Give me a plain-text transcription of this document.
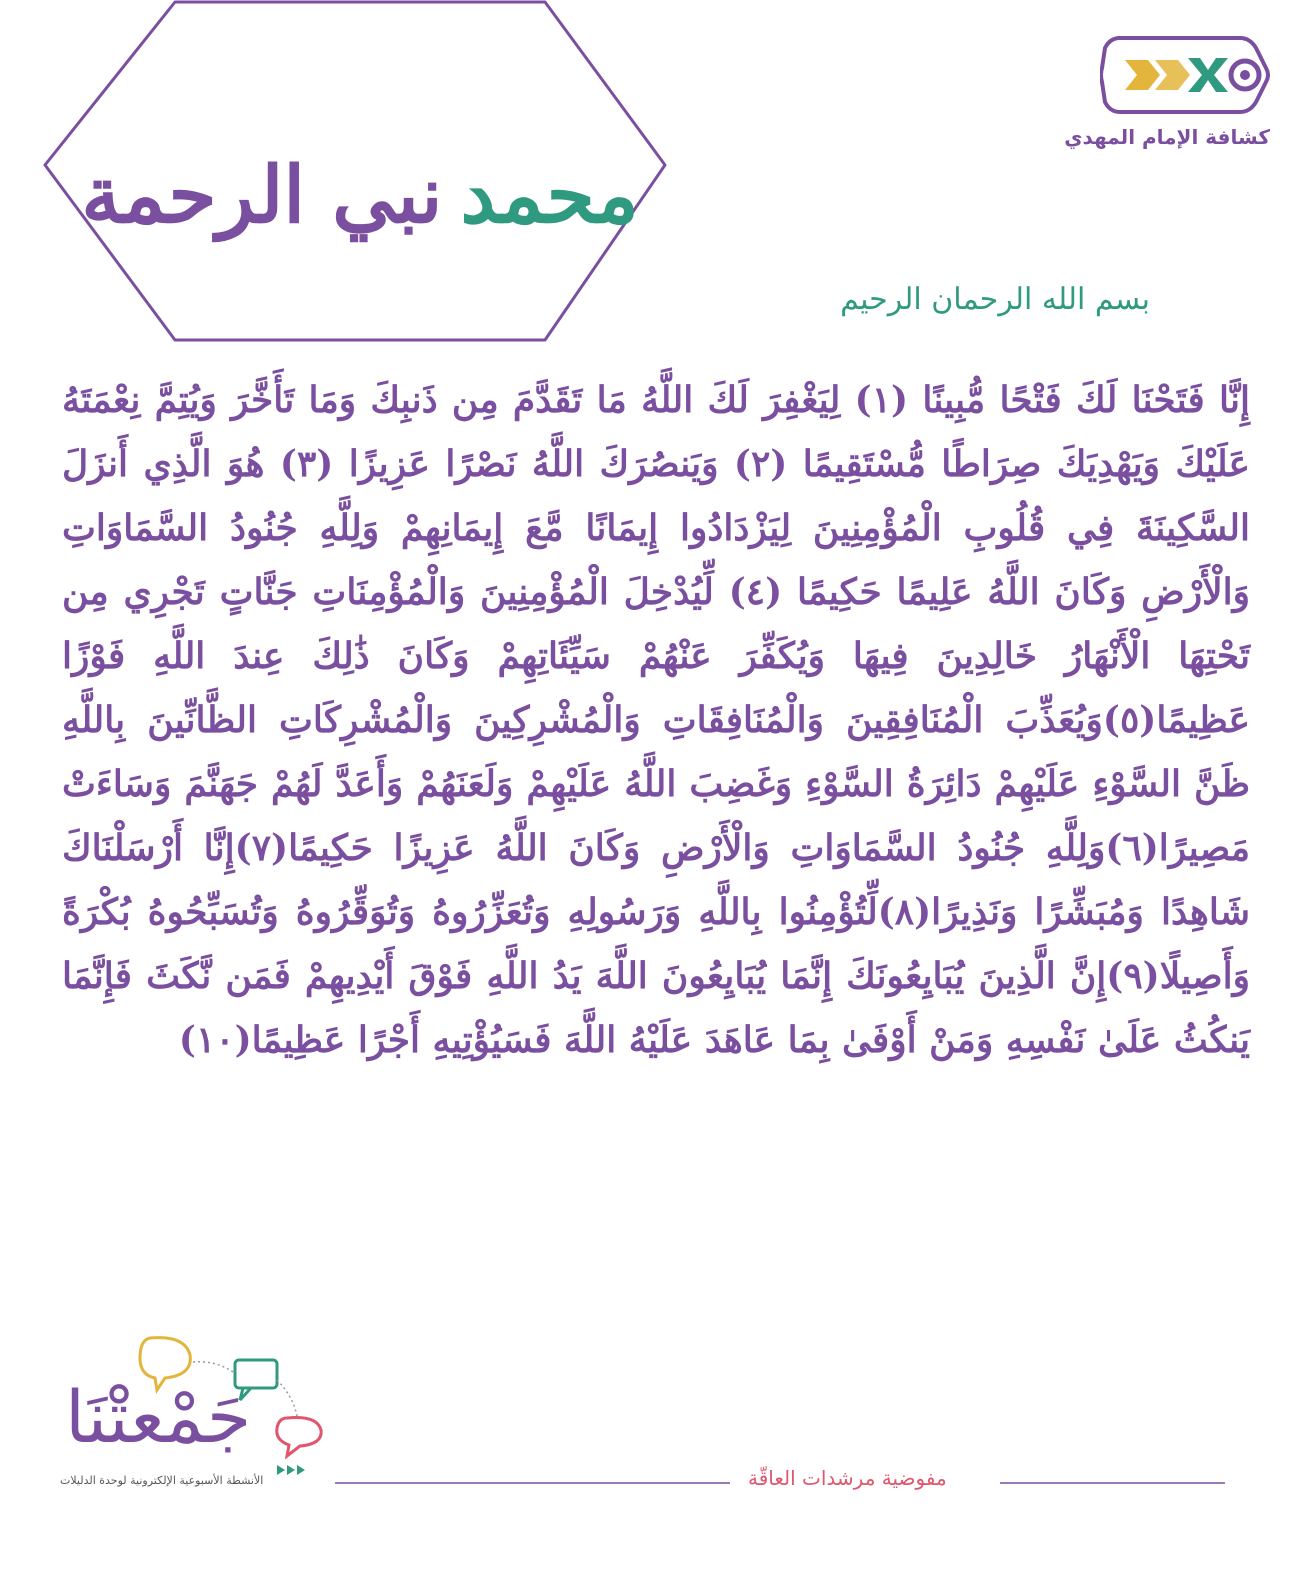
محمد
نبي الرحمة
كشافة الإمام المهدي
بسم الله الرحمان الرحيم
إِنَّا فَتَحْنَا لَكَ فَتْحًا مُّبِينًا (١) لِيَغْفِرَ لَكَ اللَّهُ مَا تَقَدَّمَ مِن ذَنبِكَ وَمَا تَأَخَّرَ وَيُتِمَّ نِعْمَتَهُ عَلَيْكَ وَيَهْدِيَكَ صِرَاطًا مُّسْتَقِيمًا (٢) وَيَنصُرَكَ اللَّهُ نَصْرًا عَزِيزًا (٣) هُوَ الَّذِي أَنزَلَ السَّكِينَةَ فِي قُلُوبِ الْمُؤْمِنِينَ لِيَزْدَادُوا إِيمَانًا مَّعَ إِيمَانِهِمْ وَلِلَّهِ جُنُودُ السَّمَاوَاتِ وَالْأَرْضِ وَكَانَ اللَّهُ عَلِيمًا حَكِيمًا (٤) لِّيُدْخِلَ الْمُؤْمِنِينَ وَالْمُؤْمِنَاتِ جَنَّاتٍ تَجْرِي مِن تَحْتِهَا الْأَنْهَارُ خَالِدِينَ فِيهَا وَيُكَفِّرَ عَنْهُمْ سَيِّئَاتِهِمْ وَكَانَ ذَٰلِكَ عِندَ اللَّهِ فَوْزًا عَظِيمًا(٥)وَيُعَذِّبَ الْمُنَافِقِينَ وَالْمُنَافِقَاتِ وَالْمُشْرِكِينَ وَالْمُشْرِكَاتِ الظَّانِّينَ بِاللَّهِ ظَنَّ السَّوْءِ عَلَيْهِمْ دَائِرَةُ السَّوْءِ وَغَضِبَ اللَّهُ عَلَيْهِمْ وَلَعَنَهُمْ وَأَعَدَّ لَهُمْ جَهَنَّمَ وَسَاءَتْ مَصِيرًا(٦)وَلِلَّهِ جُنُودُ السَّمَاوَاتِ وَالْأَرْضِ وَكَانَ اللَّهُ عَزِيزًا حَكِيمًا(٧)إِنَّا أَرْسَلْنَاكَ شَاهِدًا وَمُبَشِّرًا وَنَذِيرًا(٨)لِّتُؤْمِنُوا بِاللَّهِ وَرَسُولِهِ وَتُعَزِّرُوهُ وَتُوَقِّرُوهُ وَتُسَبِّحُوهُ بُكْرَةً وَأَصِيلًا(٩)إِنَّ الَّذِينَ يُبَايِعُونَكَ إِنَّمَا يُبَايِعُونَ اللَّهَ يَدُ اللَّهِ فَوْقَ أَيْدِيهِمْ فَمَن نَّكَثَ فَإِنَّمَا يَنكُثُ عَلَىٰ نَفْسِهِ وَمَنْ أَوْفَىٰ بِمَا عَاهَدَ عَلَيْهُ اللَّهَ فَسَيُؤْتِيهِ أَجْرًا عَظِيمًا(١٠)
جَمْعتْنَا
الأنشطة الأسبوعية الإلكترونية لوحدة الدليلات	مفوضية مرشدات العاقّة
